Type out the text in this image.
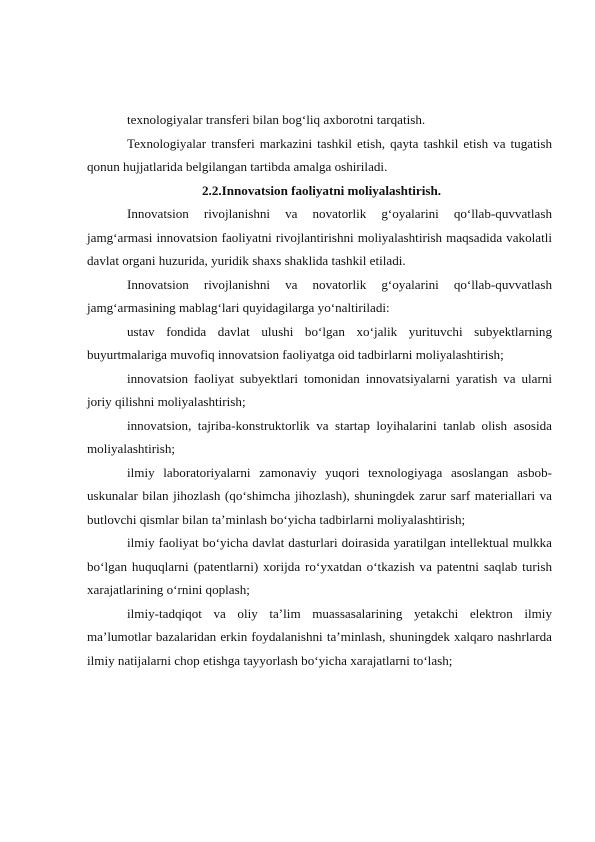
texnologiyalar transferi bilan bog‘liq axborotni tarqatish.

Texnologiyalar transferi markazini tashkil etish, qayta tashkil etish va tugatish qonun hujjatlarida belgilangan tartibda amalga oshiriladi.

2.2.Innovatsion faoliyatni moliyalashtirish.

Innovatsion rivojlanishni va novatorlik g‘oyalarini qo‘llab-quvvatlash jamg‘armasi innovatsion faoliyatni rivojlantirishni moliyalashtirish maqsadida vakolatli davlat organi huzurida, yuridik shaxs shaklida tashkil etiladi.

Innovatsion rivojlanishni va novatorlik g‘oyalarini qo‘llab-quvvatlash jamg‘armasining mablag‘lari quyidagilarga yo‘naltiriladi:

ustav fondida davlat ulushi bo‘lgan xo‘jalik yurituvchi subyektlarning buyurtmalariga muvofiq innovatsion faoliyatga oid tadbirlarni moliyalashtirish;

innovatsion faoliyat subyektlari tomonidan innovatsiyalarni yaratish va ularni joriy qilishni moliyalashtirish;

innovatsion, tajriba-konstruktorlik va startap loyihalarini tanlab olish asosida moliyalashtirish;

ilmiy laboratoriyalarni zamonaviy yuqori texnologiyaga asoslangan asbob-uskunalar bilan jihozlash (qo‘shimcha jihozlash), shuningdek zarur sarf materiallari va butlovchi qismlar bilan ta’minlash bo‘yicha tadbirlarni moliyalashtirish;

ilmiy faoliyat bo‘yicha davlat dasturlari doirasida yaratilgan intellektual mulkka bo‘lgan huquqlarni (patentlarni) xorijda ro‘yxatdan o‘tkazish va patentni saqlab turish xarajatlarining o‘rnini qoplash;

ilmiy-tadqiqot va oliy ta’lim muassasalarining yetakchi elektron ilmiy ma’lumotlar bazalaridan erkin foydalanishni ta’minlash, shuningdek xalqaro nashrlarda ilmiy natijalarni chop etishga tayyorlash bo‘yicha xarajatlarni to‘lash;
